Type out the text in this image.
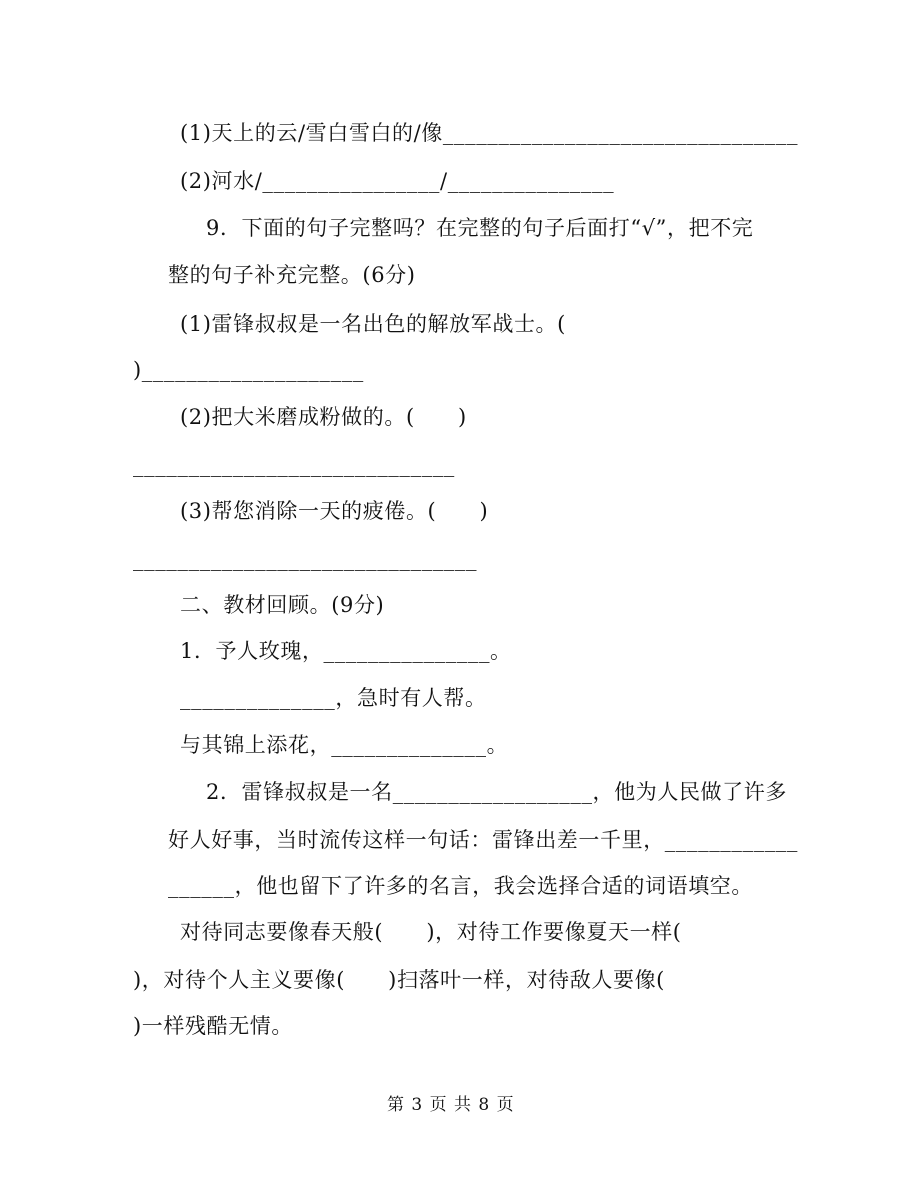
(1)天上的云/雪白雪白的/像________________________________
(2)河水/________________/_______________
9．下面的句子完整吗？在完整的句子后面打“√”，把不完
整的句子补充完整。(6分)
(1)雷锋叔叔是一名出色的解放军战士。(
)____________________
(2)把大米磨成粉做的。(　　)
_____________________________
(3)帮您消除一天的疲倦。(　　)
_______________________________
二、教材回顾。(9分)
1．予人玫瑰，_______________。
______________，急时有人帮。
与其锦上添花，______________。
2．雷锋叔叔是一名__________________，他为人民做了许多
好人好事，当时流传这样一句话：雷锋出差一千里，____________
______，他也留下了许多的名言，我会选择合适的词语填空。
对待同志要像春天般(　　)，对待工作要像夏天一样(
)，对待个人主义要像(　　)扫落叶一样，对待敌人要像(
)一样残酷无情。
第 3 页 共 8 页
